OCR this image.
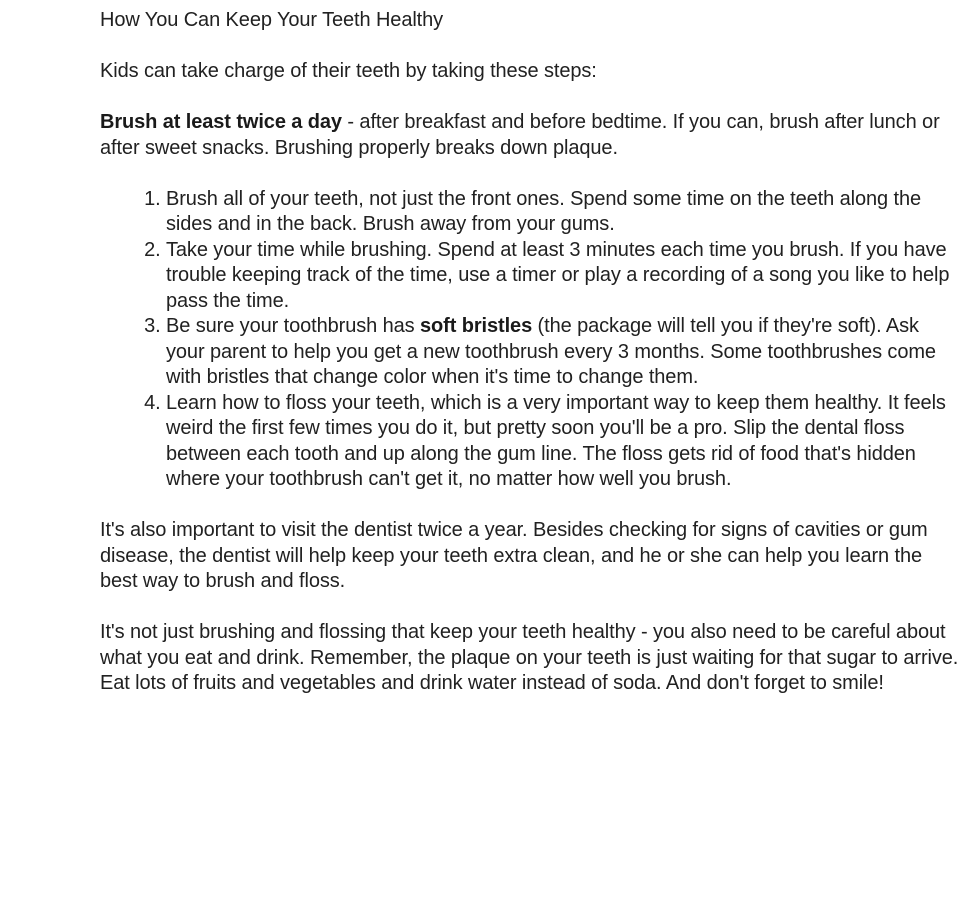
How You Can Keep Your Teeth Healthy

Kids can take charge of their teeth by taking these steps:

Brush at least twice a day - after breakfast and before bedtime. If you can, brush after lunch or after sweet snacks. Brushing properly breaks down plaque.

1. Brush all of your teeth, not just the front ones. Spend some time on the teeth along the sides and in the back. Brush away from your gums.
2. Take your time while brushing. Spend at least 3 minutes each time you brush. If you have trouble keeping track of the time, use a timer or play a recording of a song you like to help pass the time.
3. Be sure your toothbrush has soft bristles (the package will tell you if they're soft). Ask your parent to help you get a new toothbrush every 3 months. Some toothbrushes come with bristles that change color when it's time to change them.
4. Learn how to floss your teeth, which is a very important way to keep them healthy. It feels weird the first few times you do it, but pretty soon you'll be a pro. Slip the dental floss between each tooth and up along the gum line. The floss gets rid of food that's hidden where your toothbrush can't get it, no matter how well you brush.

It's also important to visit the dentist twice a year. Besides checking for signs of cavities or gum disease, the dentist will help keep your teeth extra clean, and he or she can help you learn the best way to brush and floss.

It's not just brushing and flossing that keep your teeth healthy - you also need to be careful about what you eat and drink. Remember, the plaque on your teeth is just waiting for that sugar to arrive. Eat lots of fruits and vegetables and drink water instead of soda. And don't forget to smile!
